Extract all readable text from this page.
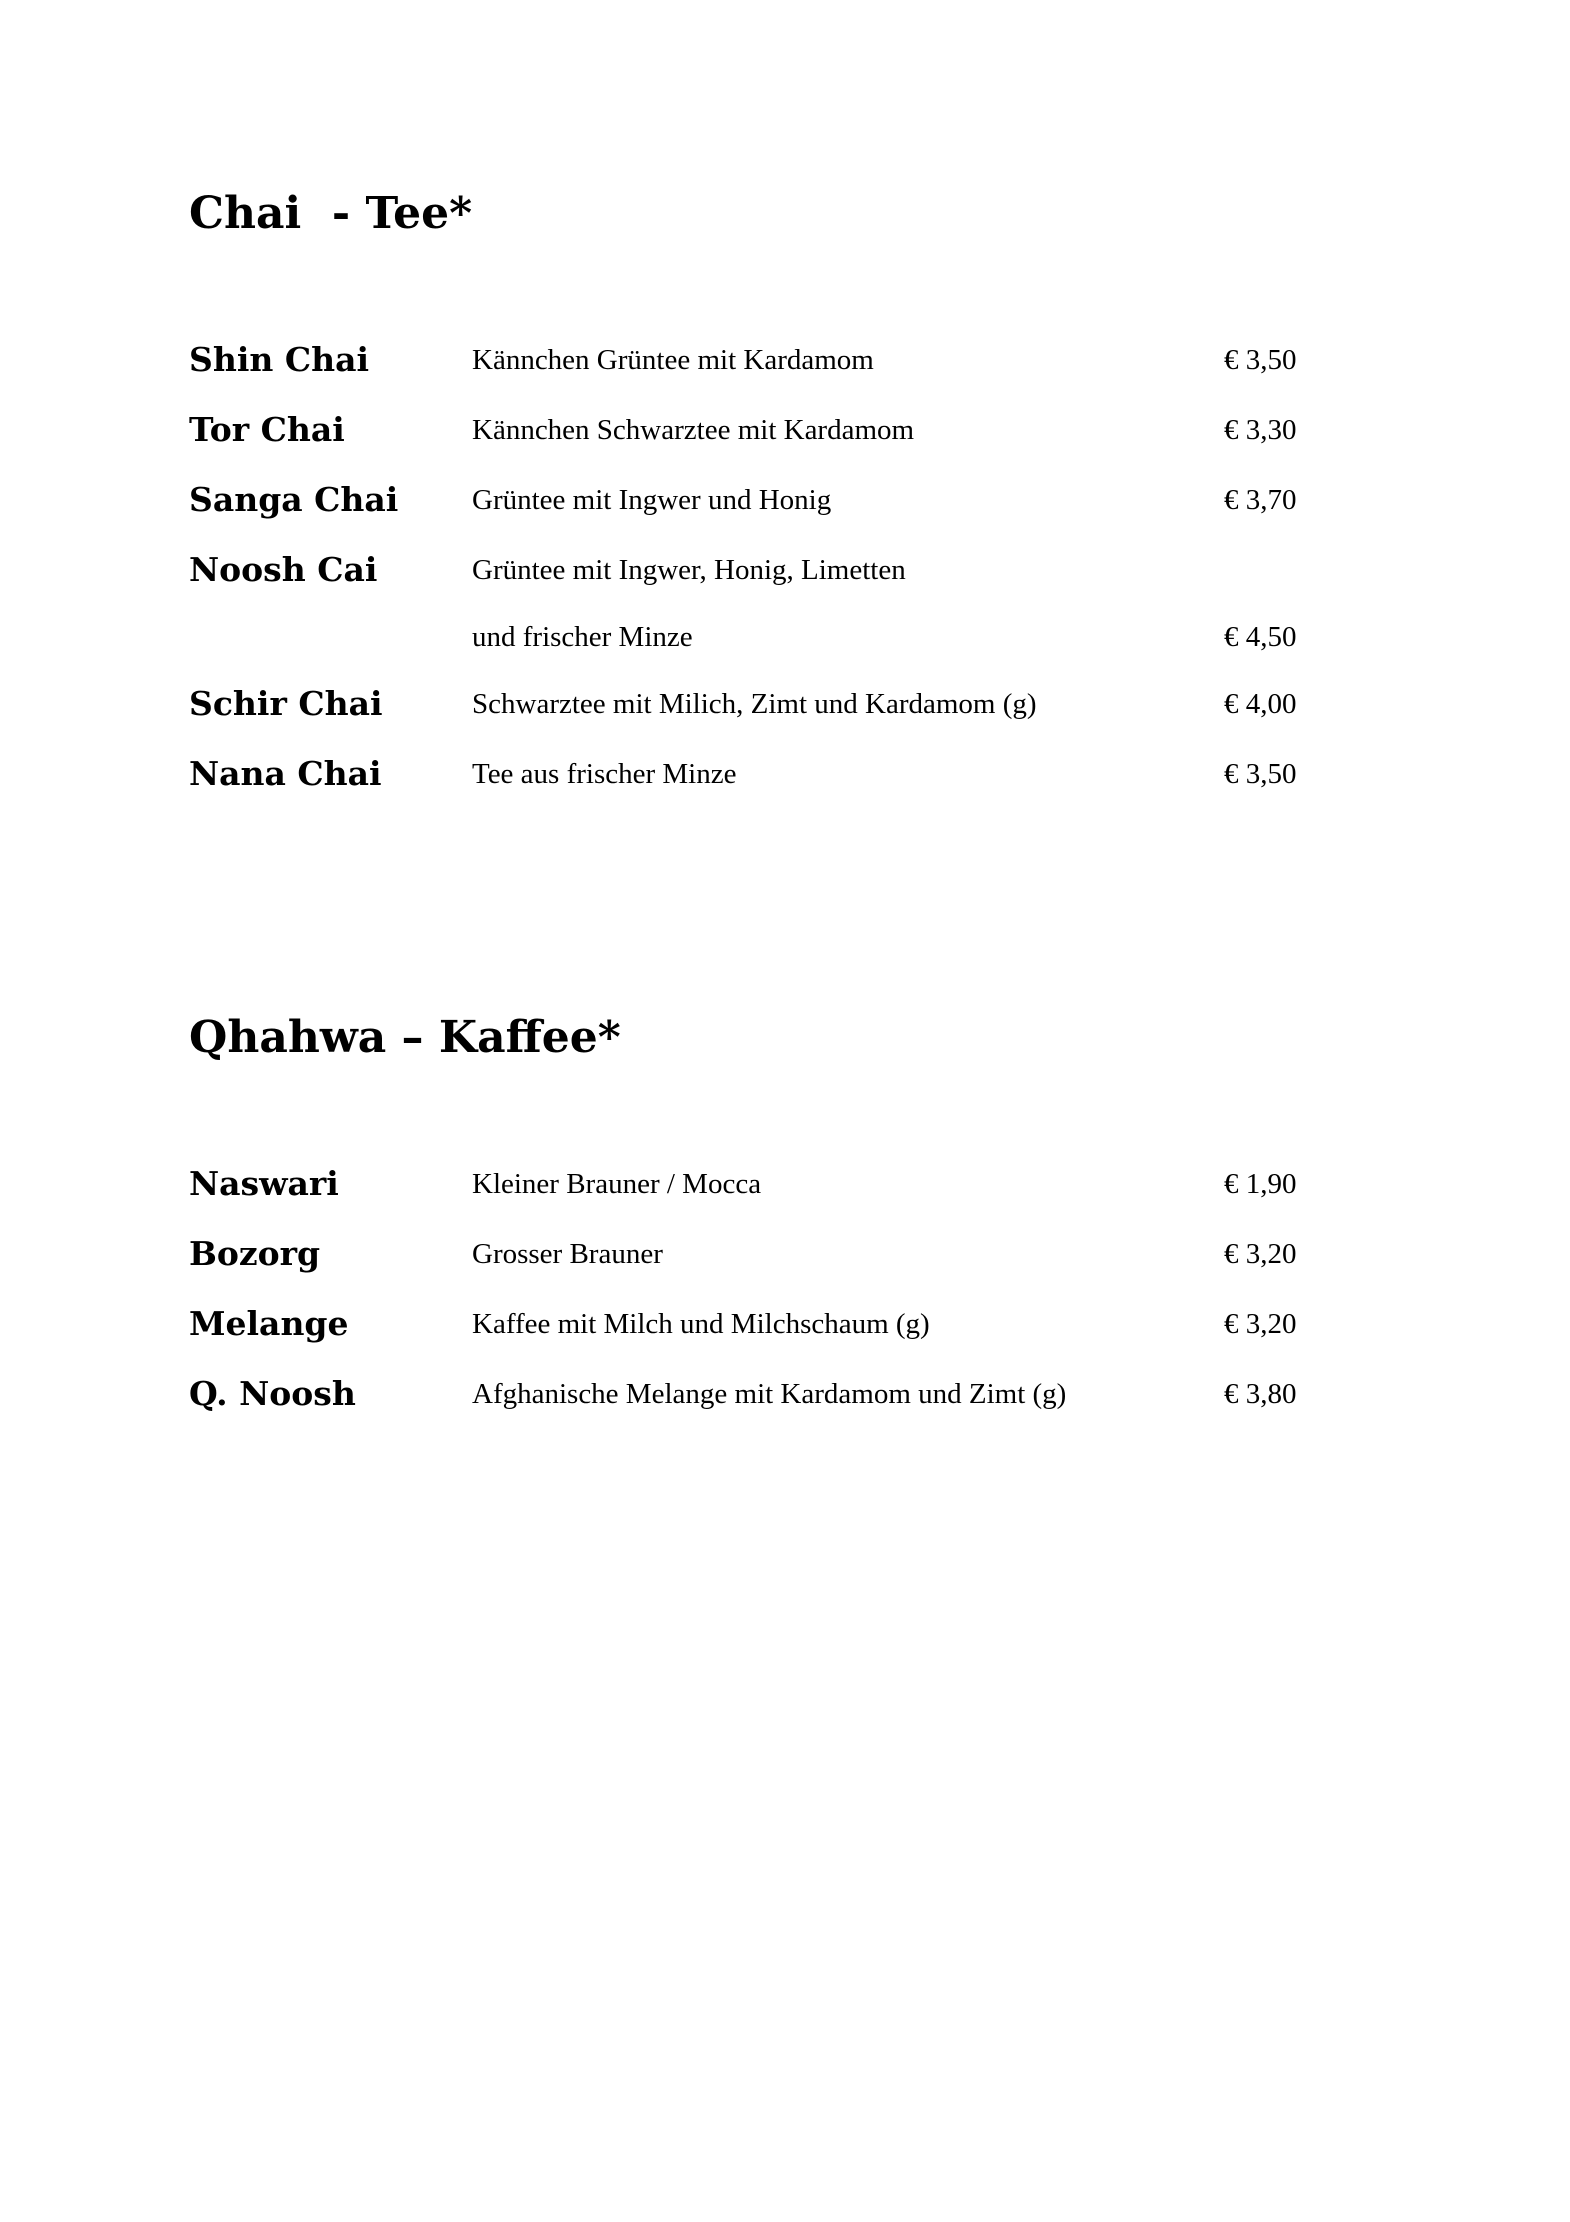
Chai  - Tee*
Shin Chai	Kännchen Grüntee mit Kardamom	€ 3,50
Tor Chai	Kännchen Schwarztee mit Kardamom	€ 3,30
Sanga Chai	Grüntee mit Ingwer und Honig	€ 3,70
Noosh Cai	Grüntee mit Ingwer, Honig, Limetten
und frischer Minze	€ 4,50
Schir Chai	Schwarztee mit Milich, Zimt und Kardamom (g)	€ 4,00
Nana Chai	Tee aus frischer Minze	€ 3,50
Qhahwa – Kaffee*
Naswari	Kleiner Brauner / Mocca	€ 1,90
Bozorg	Grosser Brauner	€ 3,20
Melange	Kaffee mit Milch und Milchschaum (g)	€ 3,20
Q. Noosh	Afghanische Melange mit Kardamom und Zimt (g)	€ 3,80
